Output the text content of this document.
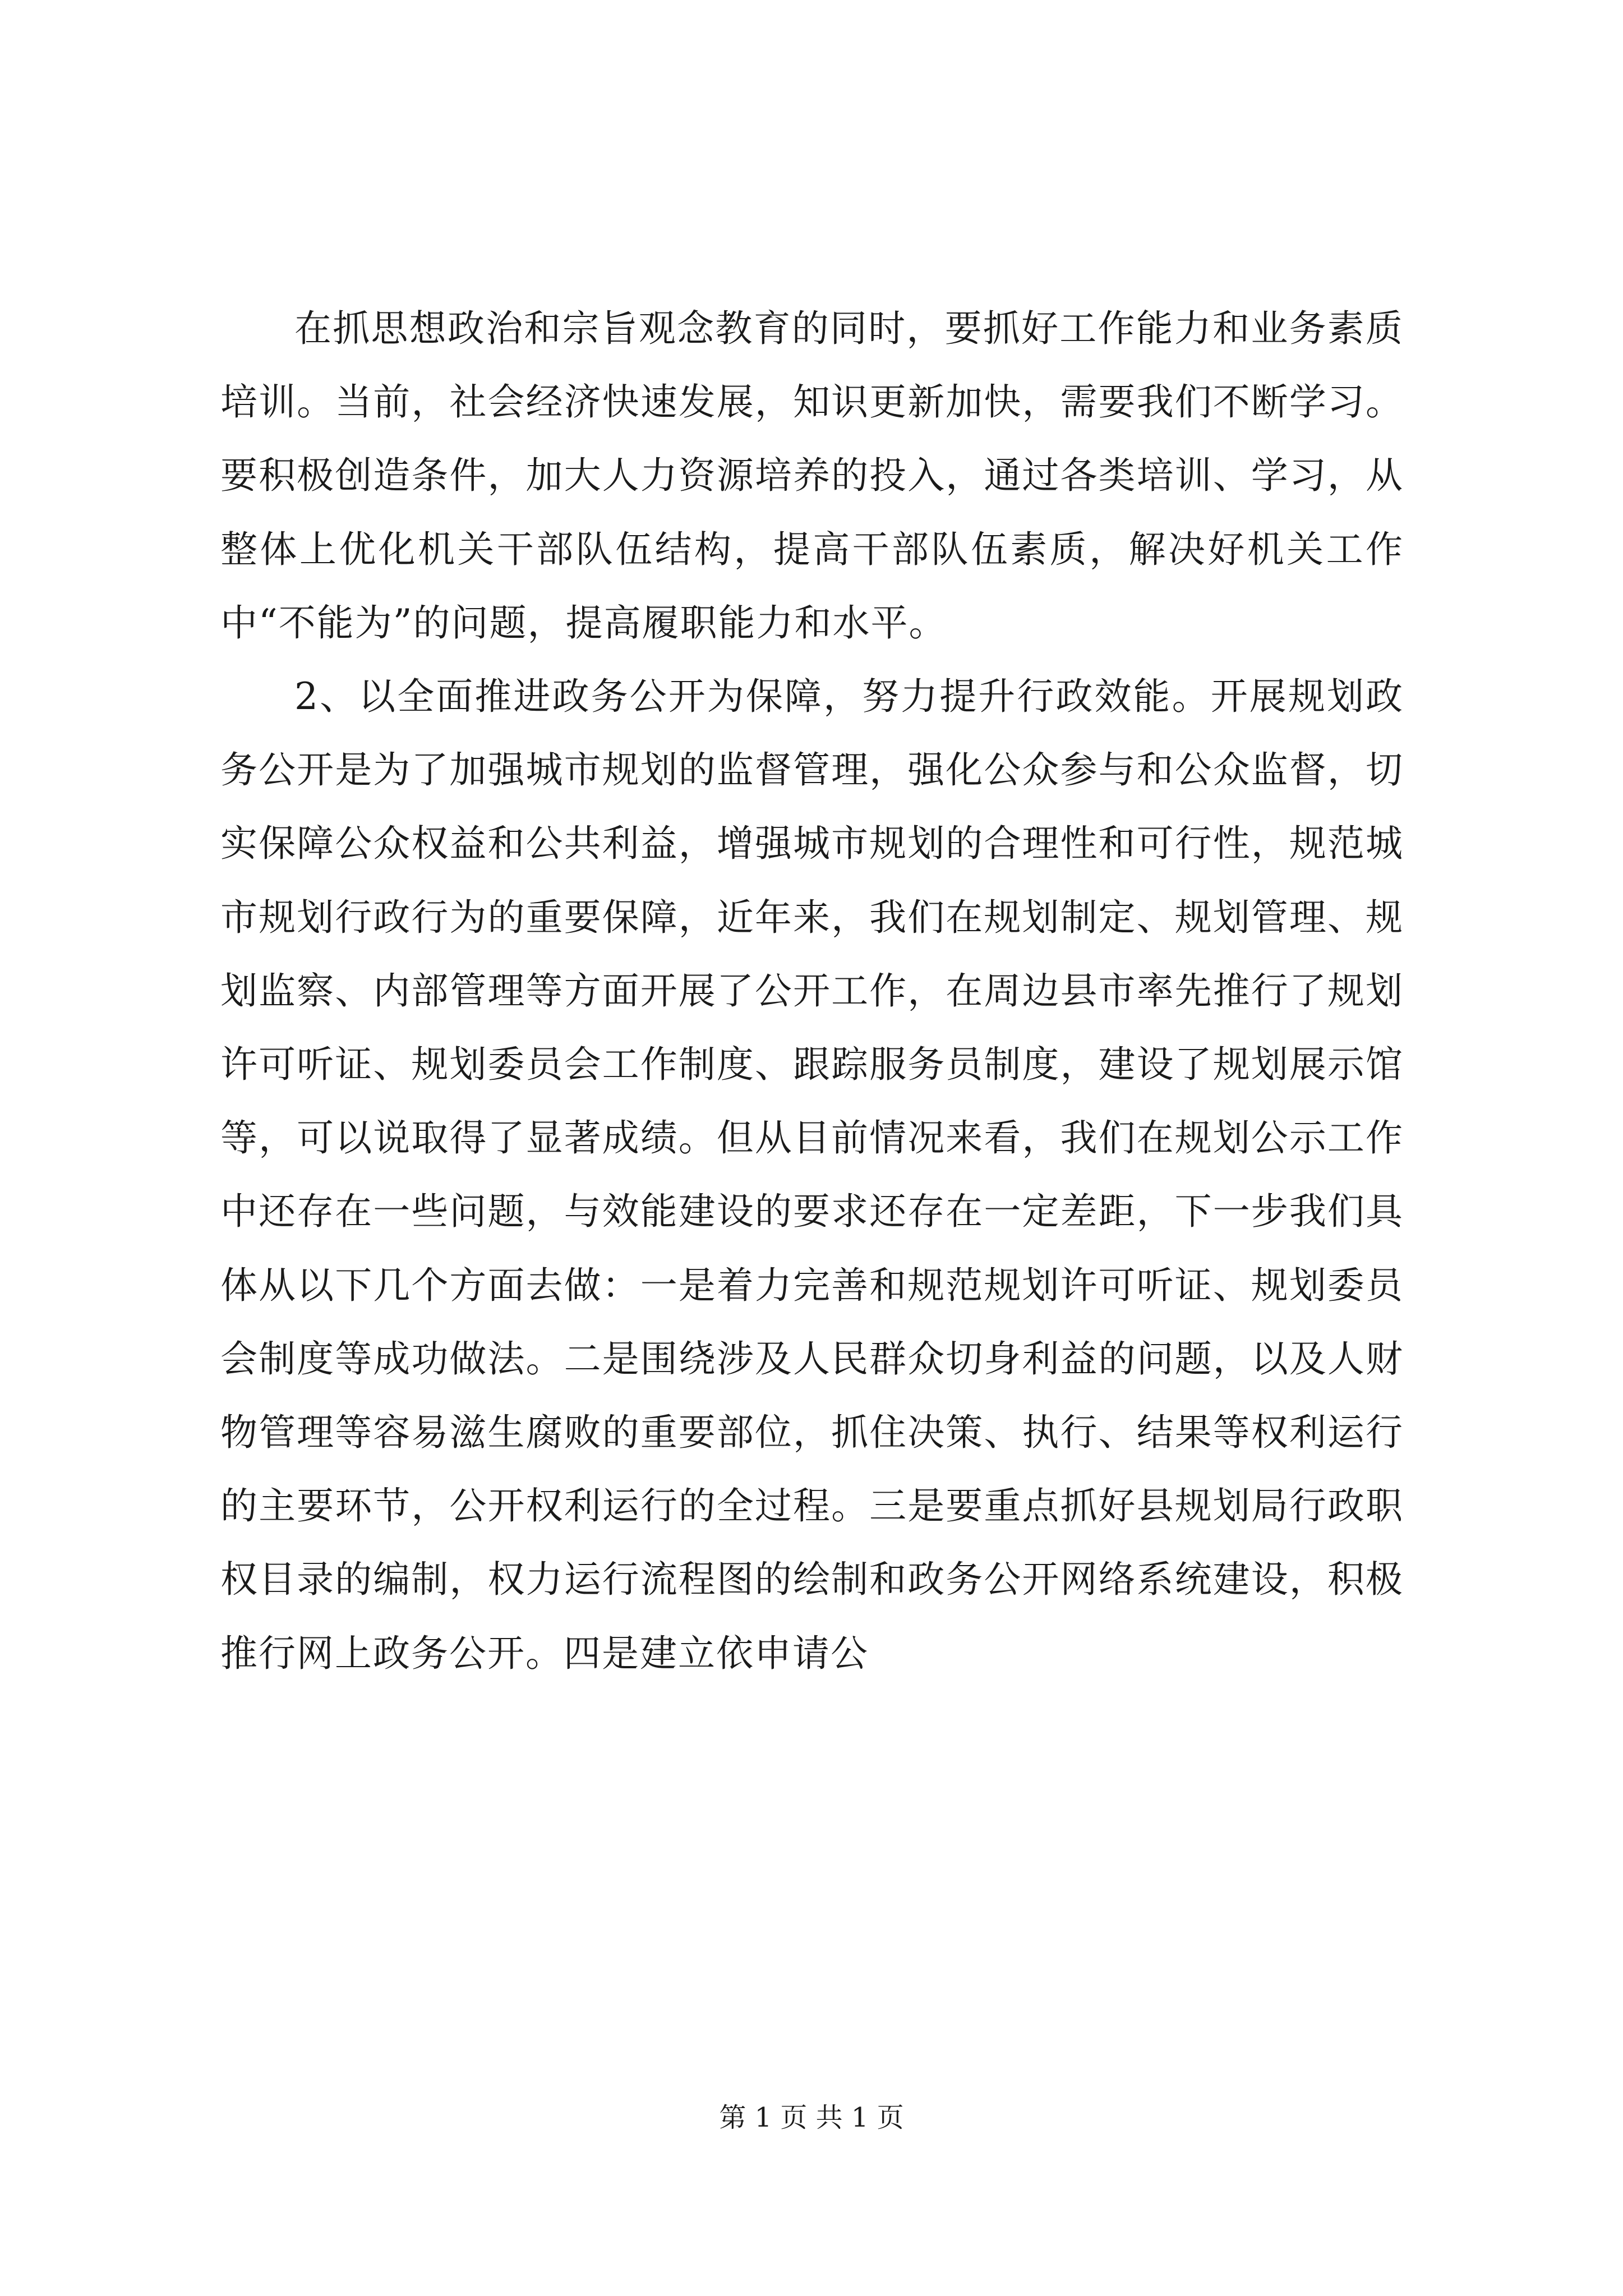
在抓思想政治和宗旨观念教育的同时，要抓好工作能力和业务素质培训。当前，社会经济快速发展，知识更新加快，需要我们不断学习。要积极创造条件，加大人力资源培养的投入，通过各类培训、学习，从整体上优化机关干部队伍结构，提高干部队伍素质，解决好机关工作中“不能为”的问题，提高履职能力和水平。

2、以全面推进政务公开为保障，努力提升行政效能。开展规划政务公开是为了加强城市规划的监督管理，强化公众参与和公众监督，切实保障公众权益和公共利益，增强城市规划的合理性和可行性，规范城市规划行政行为的重要保障，近年来，我们在规划制定、规划管理、规划监察、内部管理等方面开展了公开工作，在周边县市率先推行了规划许可听证、规划委员会工作制度、跟踪服务员制度，建设了规划展示馆等，可以说取得了显著成绩。但从目前情况来看，我们在规划公示工作中还存在一些问题，与效能建设的要求还存在一定差距，下一步我们具体从以下几个方面去做：一是着力完善和规范规划许可听证、规划委员会制度等成功做法。二是围绕涉及人民群众切身利益的问题，以及人财物管理等容易滋生腐败的重要部位，抓住决策、执行、结果等权利运行的主要环节，公开权利运行的全过程。三是要重点抓好县规划局行政职权目录的编制，权力运行流程图的绘制和政务公开网络系统建设，积极推行网上政务公开。四是建立依申请公

第 1 页 共 1 页
